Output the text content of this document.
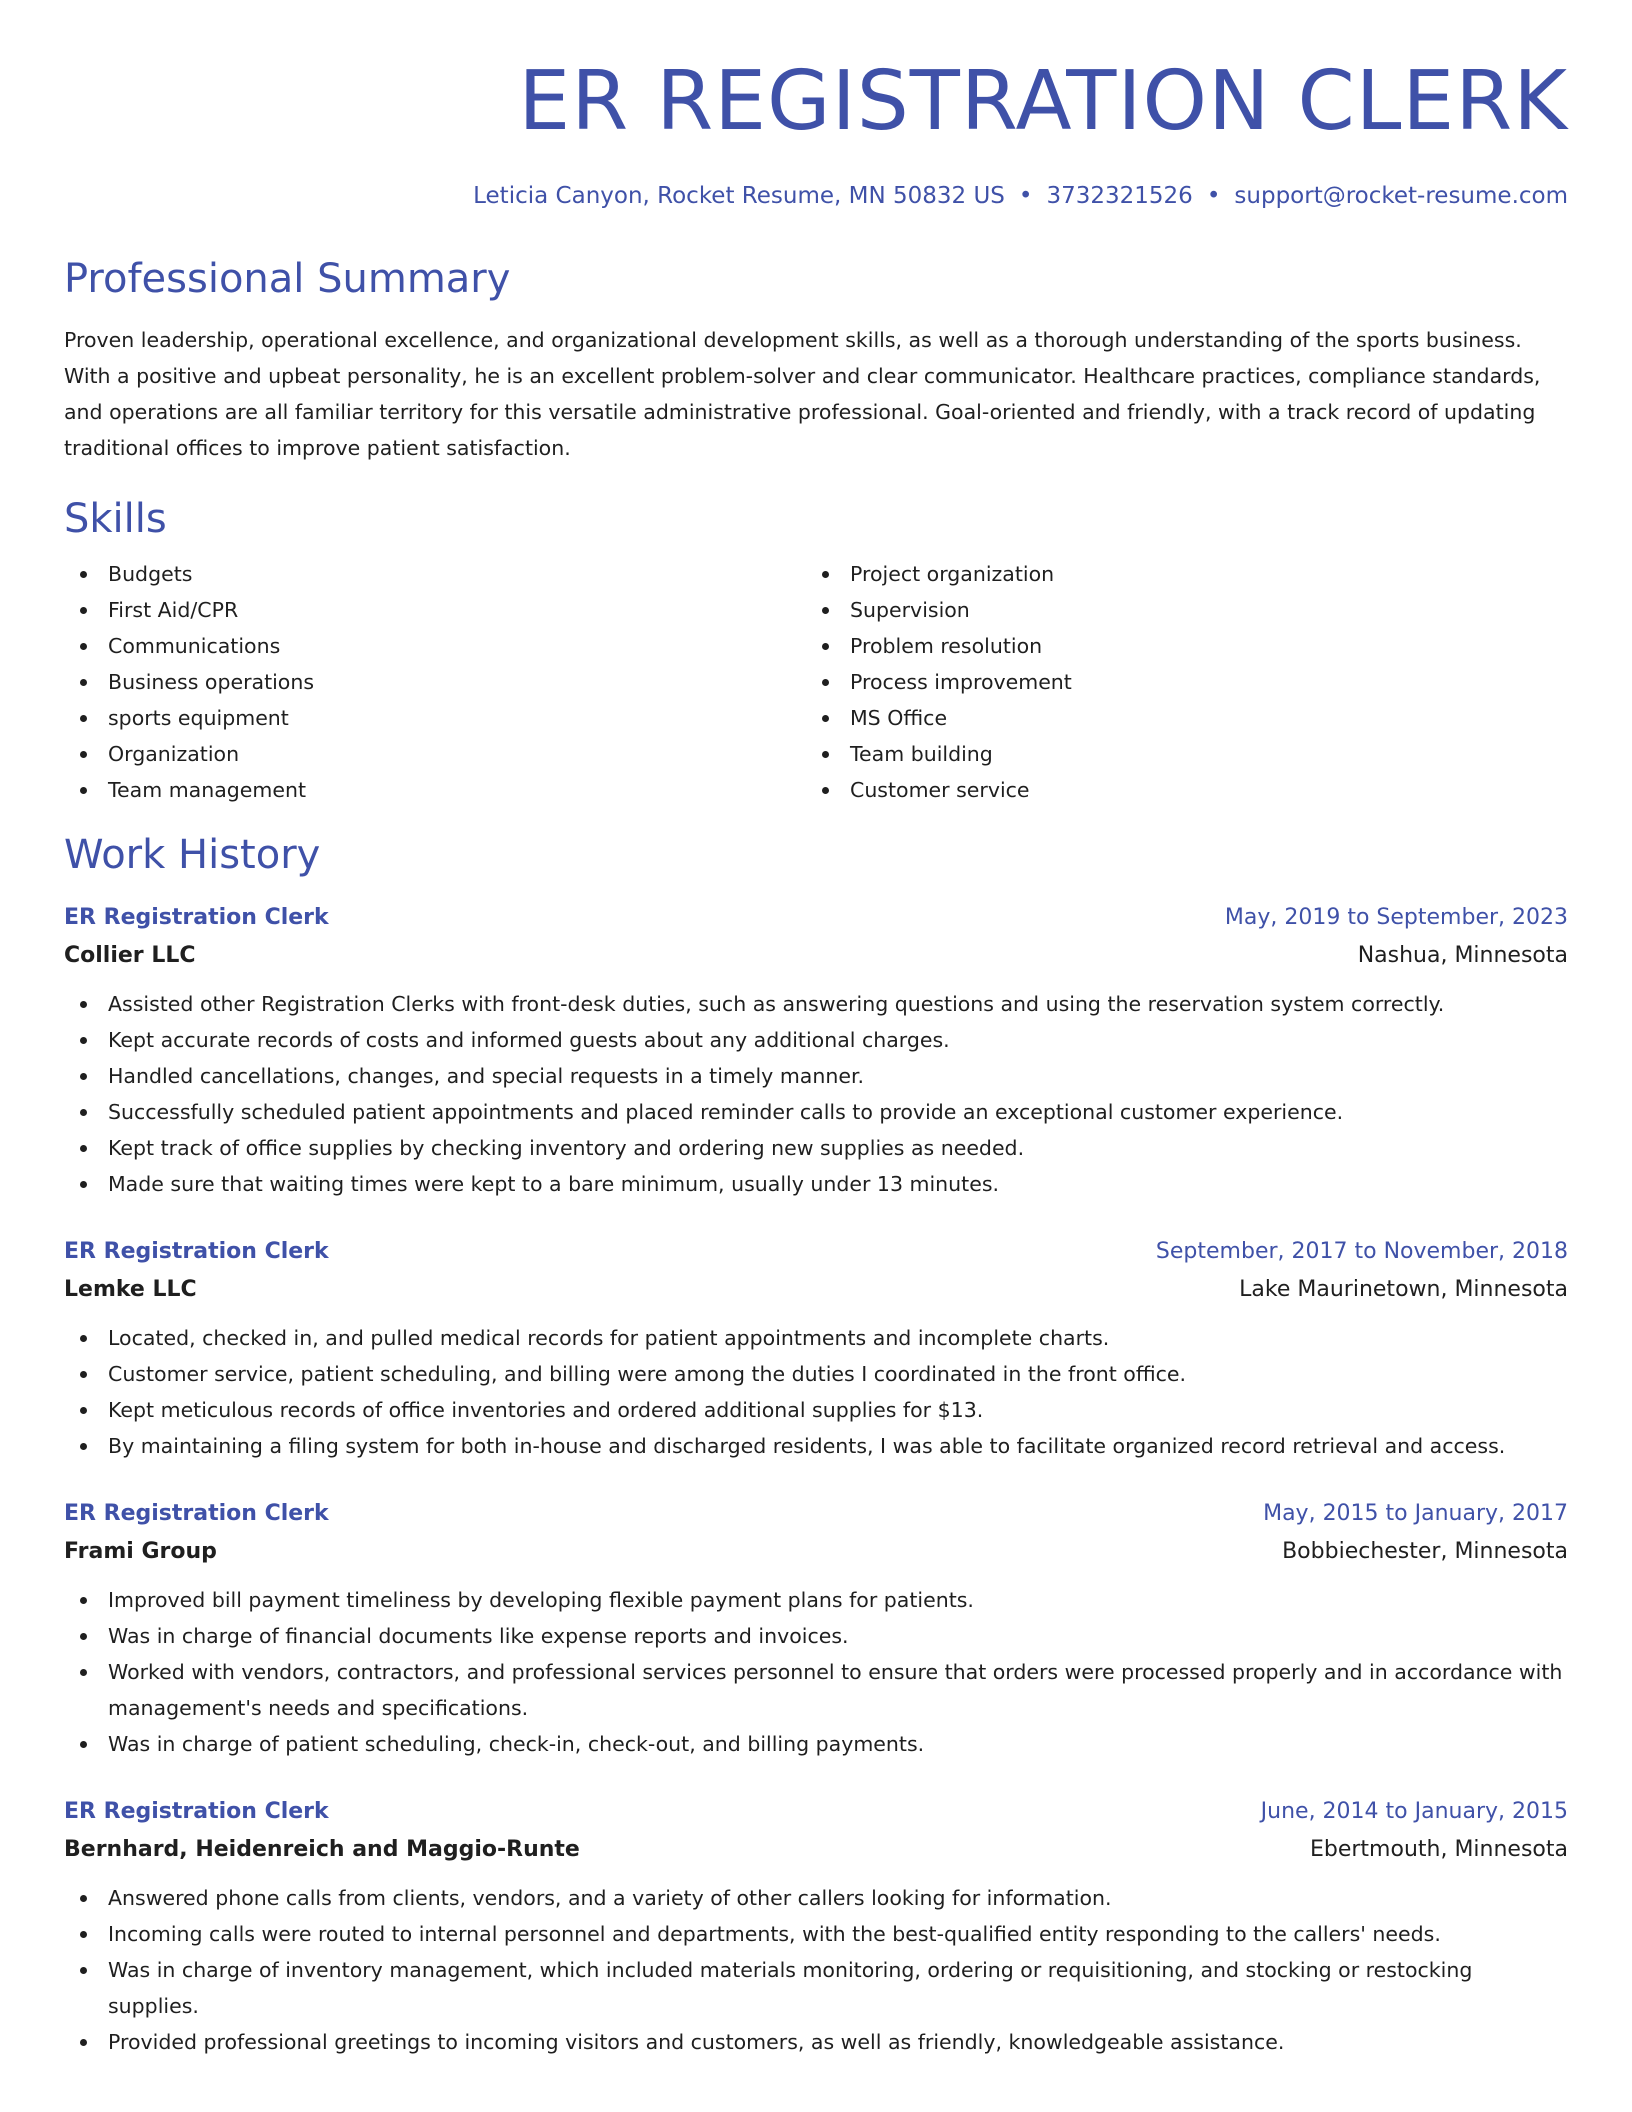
ER REGISTRATION CLERK
Leticia Canyon, Rocket Resume, MN 50832 US • 3732321526 • support@rocket-resume.com
Professional Summary

Proven leadership, operational excellence, and organizational development skills, as well as a thorough understanding of the sports business. With a positive and upbeat personality, he is an excellent problem-solver and clear communicator. Healthcare practices, compliance standards, and operations are all familiar territory for this versatile administrative professional. Goal-oriented and friendly, with a track record of updating traditional offices to improve patient satisfaction.

Skills
Budgets
First Aid/CPR
Communications
Business operations
sports equipment
Organization
Team management
Project organization
Supervision
Problem resolution
Process improvement
MS Office
Team building
Customer service
Work History
ER Registration Clerk	May, 2019 to September, 2023
Collier LLC	Nashua, Minnesota
Assisted other Registration Clerks with front-desk duties, such as answering questions and using the reservation system correctly.
Kept accurate records of costs and informed guests about any additional charges.
Handled cancellations, changes, and special requests in a timely manner.
Successfully scheduled patient appointments and placed reminder calls to provide an exceptional customer experience.
Kept track of office supplies by checking inventory and ordering new supplies as needed.
Made sure that waiting times were kept to a bare minimum, usually under 13 minutes.
ER Registration Clerk	September, 2017 to November, 2018
Lemke LLC	Lake Maurinetown, Minnesota
Located, checked in, and pulled medical records for patient appointments and incomplete charts.
Customer service, patient scheduling, and billing were among the duties I coordinated in the front office.
Kept meticulous records of office inventories and ordered additional supplies for $13.
By maintaining a filing system for both in-house and discharged residents, I was able to facilitate organized record retrieval and access.
ER Registration Clerk	May, 2015 to January, 2017
Frami Group	Bobbiechester, Minnesota
Improved bill payment timeliness by developing flexible payment plans for patients.
Was in charge of financial documents like expense reports and invoices.
Worked with vendors, contractors, and professional services personnel to ensure that orders were processed properly and in accordance with management's needs and specifications.
Was in charge of patient scheduling, check-in, check-out, and billing payments.
ER Registration Clerk	June, 2014 to January, 2015
Bernhard, Heidenreich and Maggio-Runte	Ebertmouth, Minnesota
Answered phone calls from clients, vendors, and a variety of other callers looking for information.
Incoming calls were routed to internal personnel and departments, with the best-qualified entity responding to the callers' needs.
Was in charge of inventory management, which included materials monitoring, ordering or requisitioning, and stocking or restocking supplies.
Provided professional greetings to incoming visitors and customers, as well as friendly, knowledgeable assistance.
